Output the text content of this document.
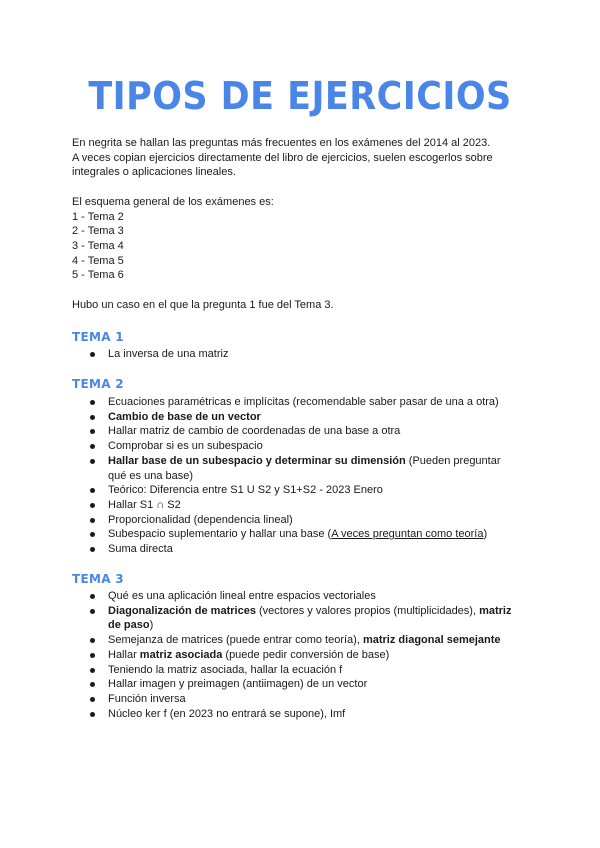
TIPOS DE EJERCICIOS

En negrita se hallan las preguntas más frecuentes en los exámenes del 2014 al 2023.

A veces copian ejercicios directamente del libro de ejercicios, suelen escogerlos sobre

integrales o aplicaciones lineales.

El esquema general de los exámenes es:

1 - Tema 2

2 - Tema 3

3 - Tema 4

4 - Tema 5

5 - Tema 6

Hubo un caso en el que la pregunta 1 fue del Tema 3.

TEMA 1
La inversa de una matriz
TEMA 2
Ecuaciones paramétricas e implícitas (recomendable saber pasar de una a otra)
Cambio de base de un vector
Hallar matriz de cambio de coordenadas de una base a otra
Comprobar si es un subespacio
Hallar base de un subespacio y determinar su dimensión (Pueden preguntar qué es una base)
Teórico: Diferencia entre S1 U S2 y S1+S2 - 2023 Enero
Hallar S1 ∩ S2
Proporcionalidad (dependencia lineal)
Subespacio suplementario y hallar una base (A veces preguntan como teoría)
Suma directa
TEMA 3
Qué es una aplicación lineal entre espacios vectoriales
Diagonalización de matrices (vectores y valores propios (multiplicidades), matriz de paso)
Semejanza de matrices (puede entrar como teoría), matriz diagonal semejante
Hallar matriz asociada (puede pedir conversión de base)
Teniendo la matriz asociada, hallar la ecuación f
Hallar imagen y preimagen (antiimagen) de un vector
Función inversa
Núcleo ker f (en 2023 no entrará se supone), Imf
